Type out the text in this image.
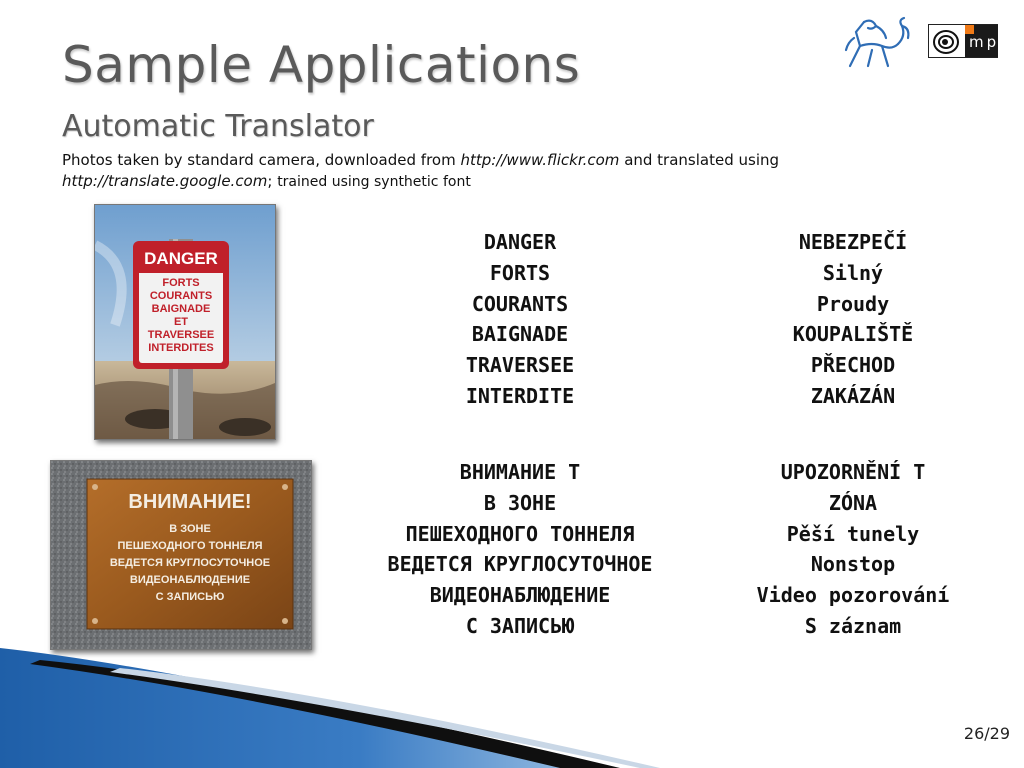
Sample Applications
Automatic Translator
Photos taken by standard camera, downloaded from http://www.flickr.com and translated using
http://translate.google.com; trained using synthetic font
mp
DANGER
FORTS
COURANTS
BAIGNADE
ET
TRAVERSEE
INTERDITES
ВНИМАНИЕ!
В ЗОНЕ
ПЕШЕХОДНОГО ТОННЕЛЯ
ВЕДЕТСЯ КРУГЛОСУТОЧНОЕ
ВИДЕОНАБЛЮДЕНИЕ
С ЗАПИСЬЮ
DANGER
FORTS
COURANTS
BAIGNADE
TRAVERSEE
INTERDITE
NEBEZPEČÍ
Silný
Proudy
KOUPALIŠTĚ
PŘECHOD
ZAKÁZÁN
ВНИМАНИЕ Т
В ЗОНЕ
ПЕШЕХОДНОГО ТОННЕЛЯ
ВЕДЕТСЯ КРУГЛОСУТОЧНОЕ
ВИДЕОНАБЛЮДЕНИЕ
С ЗАПИСЬЮ
UPOZORNĚNÍ T
ZÓNA
Pěší tunely
Nonstop
Video pozorování
S záznam
26/29
